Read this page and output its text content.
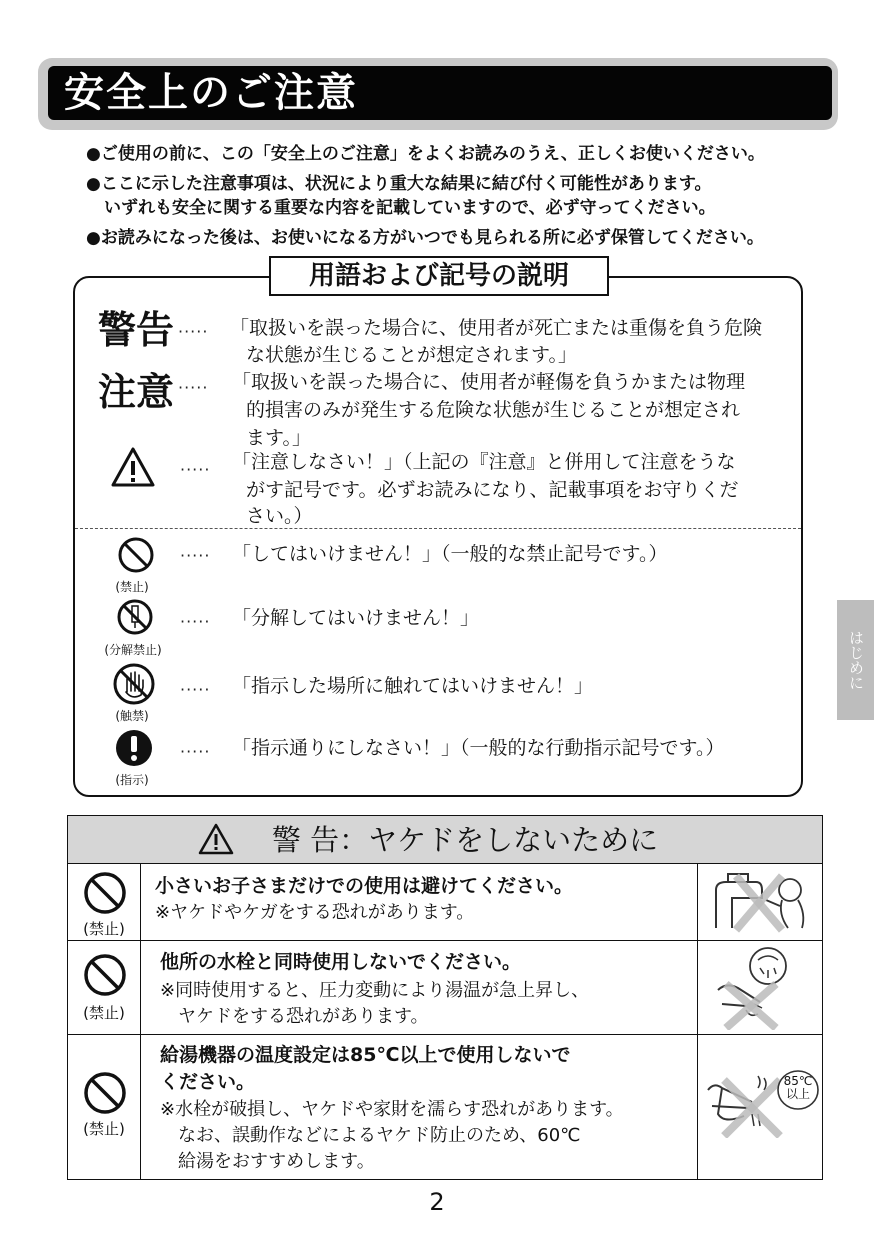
安全上のご注意
●ご使用の前に、この「安全上のご注意」をよくお読みのうえ、正しくお使いください。
●ここに示した注意事項は、状況により重大な結果に結び付く可能性があります。
いずれも安全に関する重要な内容を記載していますので、必ず守ってください。
●お読みになった後は、お使いになる方がいつでも見られる所に必ず保管してください。
用語および記号の説明
警告 ····· 「取扱いを誤った場合に、使用者が死亡または重傷を負う危険
な状態が生じることが想定されます。」
注意 ····· 「取扱いを誤った場合に、使用者が軽傷を負うかまたは物理
的損害のみが発生する危険な状態が生じることが想定され
ます。」
····· 「注意しなさい！」（上記の『注意』と併用して注意をうな
がす記号です。必ずお読みになり、記載事項をお守りくだ
さい。）
(禁止)
····· 「してはいけません！」（一般的な禁止記号です。）
(分解禁止)
····· 「分解してはいけません！」
(触禁)
····· 「指示した場所に触れてはいけません！」
(指示)
····· 「指示通りにしなさい！」（一般的な行動指示記号です。）
はじめに
警 告：ヤケドをしないために
(禁止)
小さいお子さまだけでの使用は避けてください。
※ヤケドやケガをする恐れがあります。
(禁止)
他所の水栓と同時使用しないでください。
※同時使用すると、圧力変動により湯温が急上昇し、
ヤケドをする恐れがあります。
(禁止)
給湯機器の温度設定は85℃以上で使用しないで
ください。
※水栓が破損し、ヤケドや家財を濡らす恐れがあります。
なお、誤動作などによるヤケド防止のため、60℃
給湯をおすすめします。
85℃
以上
2
